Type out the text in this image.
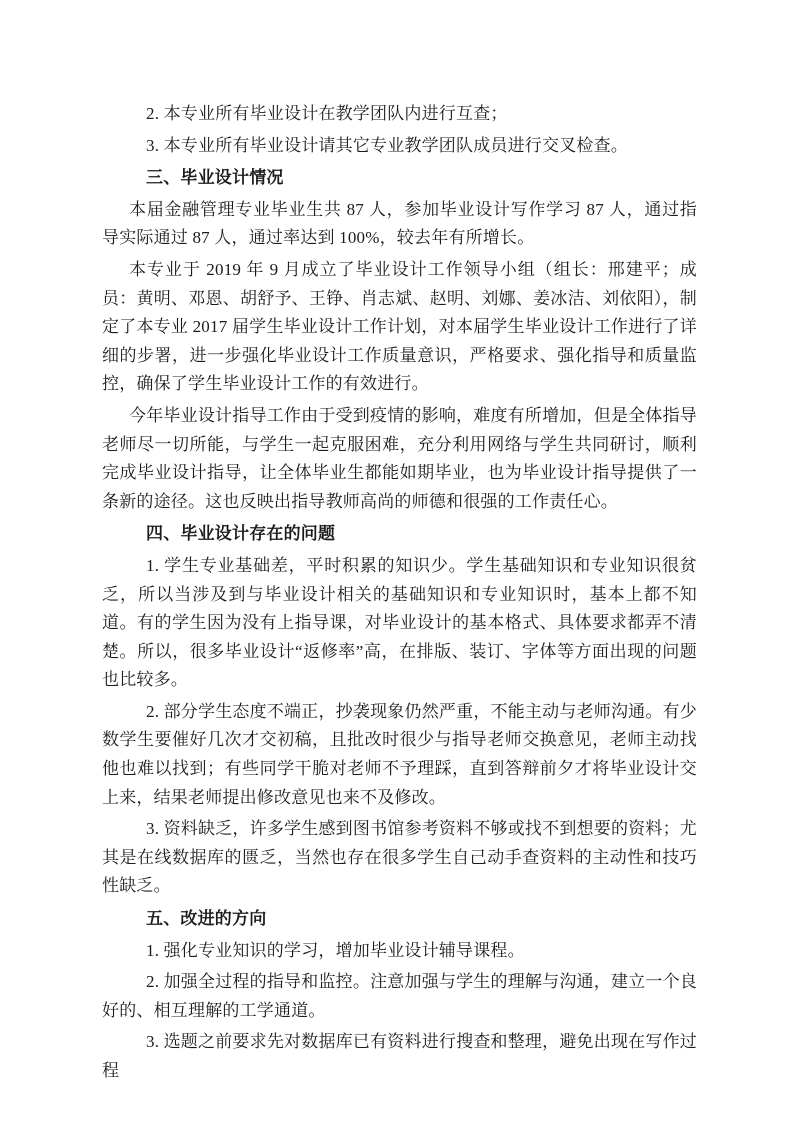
2. 本专业所有毕业设计在教学团队内进行互查；

3. 本专业所有毕业设计请其它专业教学团队成员进行交叉检查。

三、毕业设计情况

本届金融管理专业毕业生共 87 人，参加毕业设计写作学习 87 人，通过指导实际通过 87 人，通过率达到 100%，较去年有所增长。

本专业于 2019 年 9 月成立了毕业设计工作领导小组（组长：邢建平；成员：黄明、邓恩、胡舒予、王铮、肖志斌、赵明、刘娜、姜冰洁、刘依阳），制定了本专业 2017 届学生毕业设计工作计划，对本届学生毕业设计工作进行了详细的步署，进一步强化毕业设计工作质量意识，严格要求、强化指导和质量监控，确保了学生毕业设计工作的有效进行。

今年毕业设计指导工作由于受到疫情的影响，难度有所增加，但是全体指导老师尽一切所能，与学生一起克服困难，充分利用网络与学生共同研讨，顺利完成毕业设计指导，让全体毕业生都能如期毕业，也为毕业设计指导提供了一条新的途径。这也反映出指导教师高尚的师德和很强的工作责任心。

四、毕业设计存在的问题

1. 学生专业基础差，平时积累的知识少。学生基础知识和专业知识很贫乏，所以当涉及到与毕业设计相关的基础知识和专业知识时，基本上都不知道。有的学生因为没有上指导课，对毕业设计的基本格式、具体要求都弄不清楚。所以，很多毕业设计“返修率”高，在排版、装订、字体等方面出现的问题也比较多。

2. 部分学生态度不端正，抄袭现象仍然严重，不能主动与老师沟通。有少数学生要催好几次才交初稿，且批改时很少与指导老师交换意见，老师主动找他也难以找到；有些同学干脆对老师不予理踩，直到答辩前夕才将毕业设计交上来，结果老师提出修改意见也来不及修改。

3. 资料缺乏，许多学生感到图书馆参考资料不够或找不到想要的资料；尤其是在线数据库的匮乏，当然也存在很多学生自己动手查资料的主动性和技巧性缺乏。

五、改进的方向

1. 强化专业知识的学习，增加毕业设计辅导课程。

2. 加强全过程的指导和监控。注意加强与学生的理解与沟通，建立一个良好的、相互理解的工学通道。

3. 选题之前要求先对数据库已有资料进行搜查和整理，避免出现在写作过程
